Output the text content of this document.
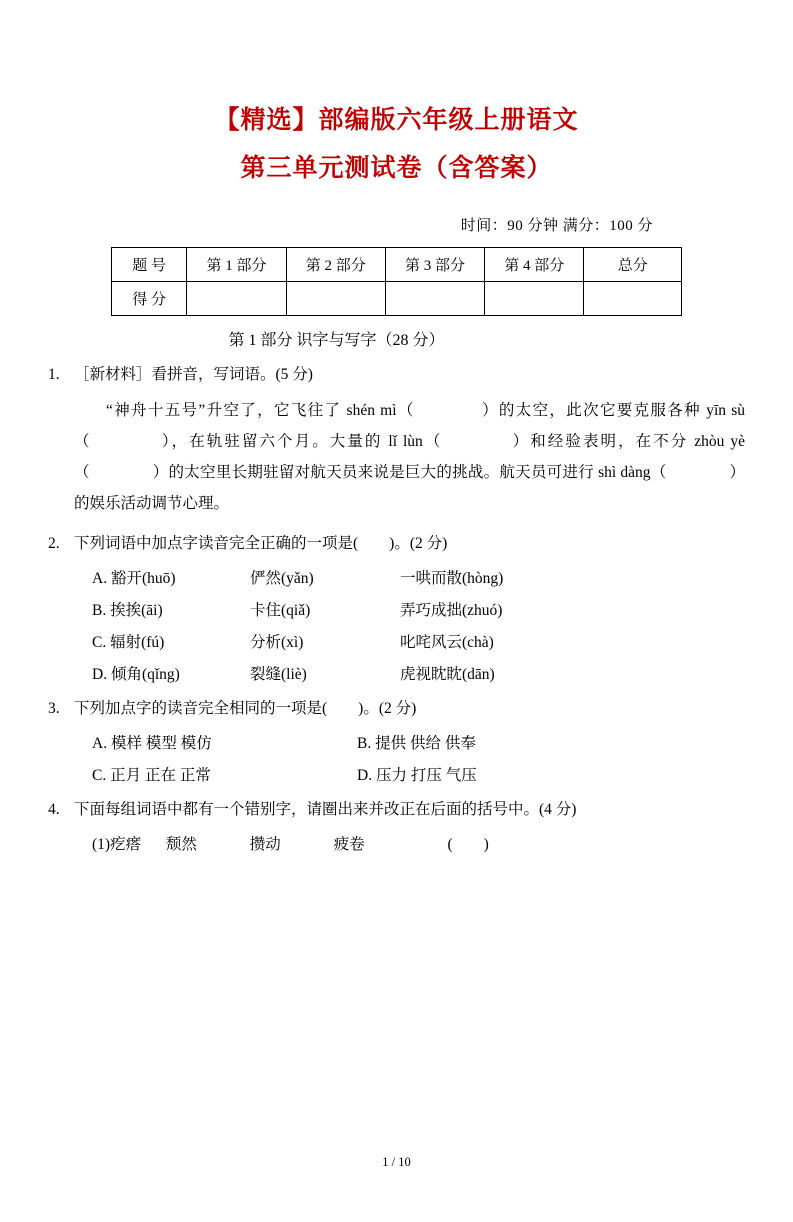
【精选】部编版六年级上册语文
第三单元测试卷（含答案）
时间：90 分钟 满分：100 分
题 号	第 1 部分	第 2 部分	第 3 部分	第 4 部分	总分
得 分					
第 1 部分 识字与写字（28 分）
1. ［新材料］看拼音，写词语。(5 分)
“神舟十五号”升空了，它飞往了 shén mì（　　　　）的太空，此次它要克服各种 yīn sù（　　　　），在轨驻留六个月。大量的 lǐ lùn（　　　　）和经验表明，在不分 zhòu yè（　　　　）的太空里长期驻留对航天员来说是巨大的挑战。航天员可进行 shì dàng（　　　　）的娱乐活动调节心理。
2. 下列词语中加点字读音完全正确的一项是(　　)。(2 分)
A. 豁开(huō)	俨然(yǎn)	一哄而散(hòng)
B. 挨挨(āi)	卡住(qiǎ)	弄巧成拙(zhuó)
C. 辐射(fú)	分析(xì)	叱咤风云(chà)
D. 倾角(qǐng)	裂缝(liè)	虎视眈眈(dān)
3. 下列加点字的读音完全相同的一项是(　　)。(2 分)
A. 模样 模型 模仿	B. 提供 供给 供奉
C. 正月 正在 正常	D. 压力 打压 气压
4. 下面每组词语中都有一个错别字，请圈出来并改正在后面的括号中。(4 分)
(1)疙瘩 颓然	攒动	疲卷	(　　)
1 / 10
